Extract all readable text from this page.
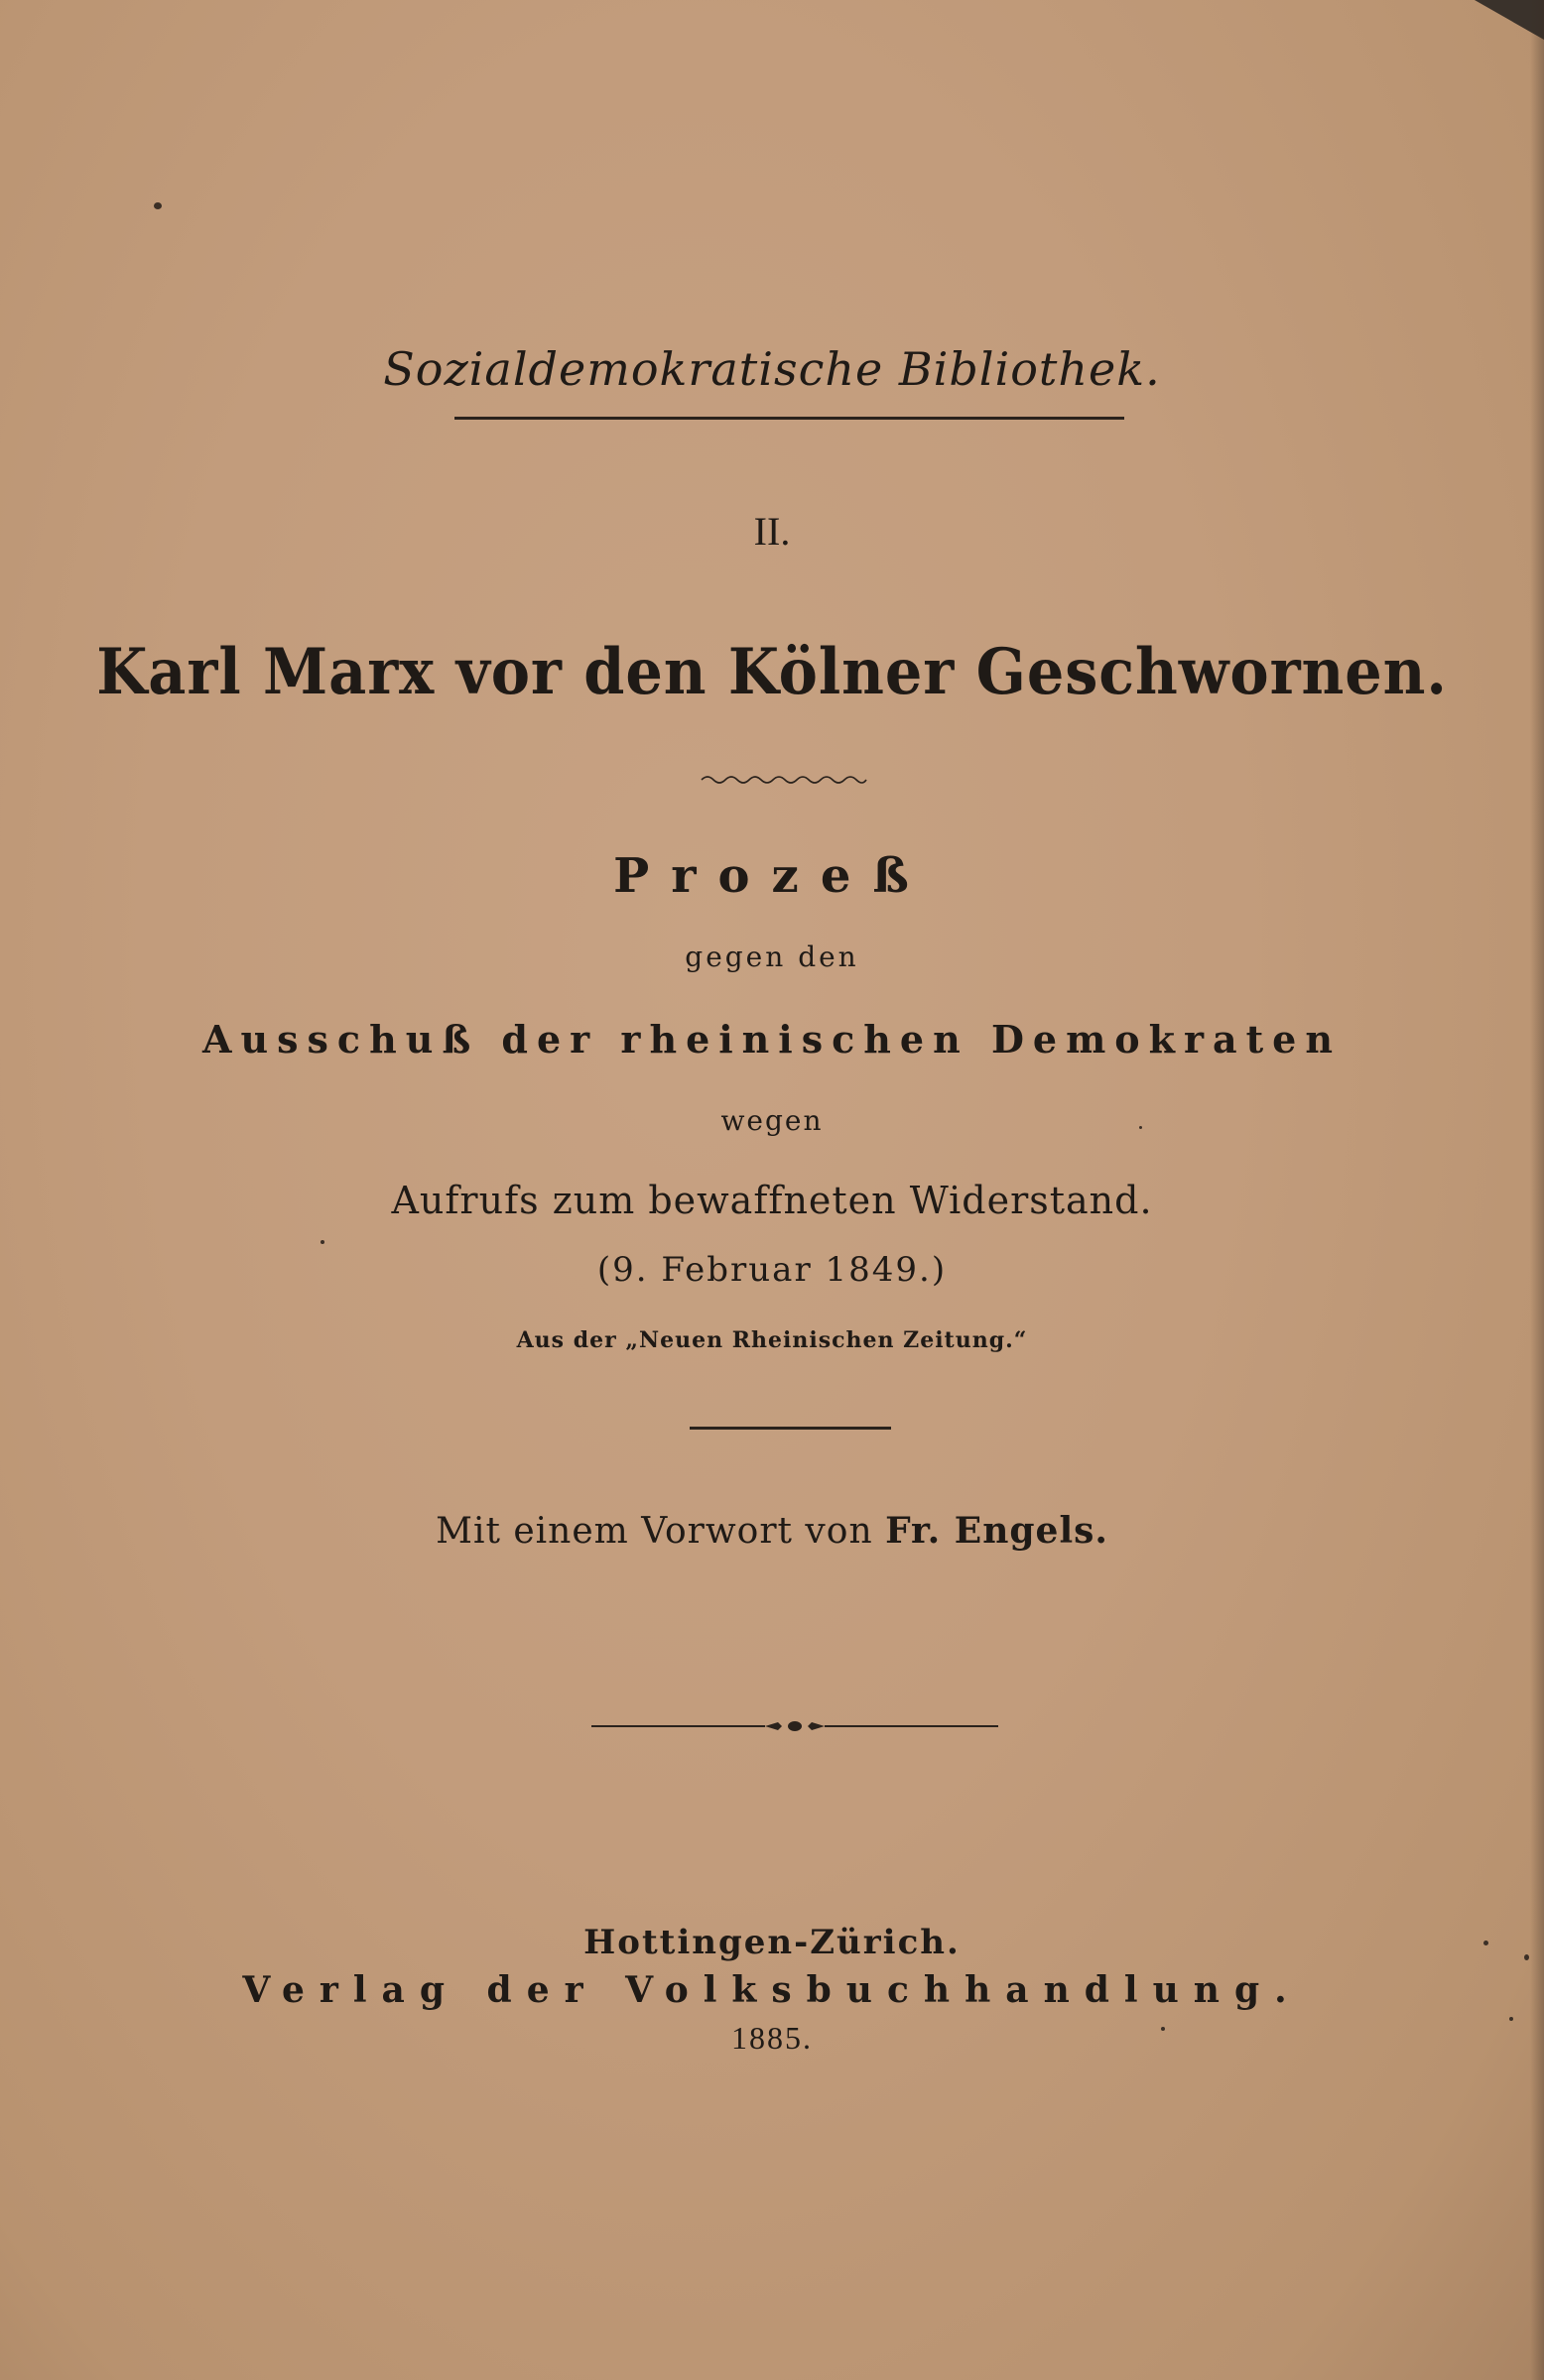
Sozialdemokratische Bibliothek.
II.
Karl Marx vor den Kölner Geschwornen.
Prozeß
gegen den
Ausschuß der rheinischen Demokraten
wegen
Aufrufs zum bewaffneten Widerstand.
(9. Februar 1849.)
Aus der „Neuen Rheinischen Zeitung.“
Mit einem Vorwort von Fr. Engels.
Hottingen-Zürich.
Verlag der Volksbuchhandlung.
1885.
